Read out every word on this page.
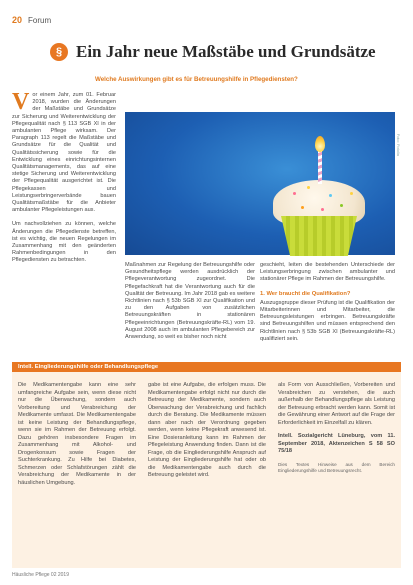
20 Forum
§ Ein Jahr neue Maßstäbe und Grundsätze
Welche Auswirkungen gibt es für Betreuungshilfe in Pflegediensten?

Vor einem Jahr, zum 01. Februar 2018, wurden die Änderungen der Maßstäbe und Grundsätze zur Sicherung und Weiterentwicklung der Pflegequalität nach § 113 SGB XI in der ambulanten Pflege wirksam. Der Paragraph 113 regelt die Maßstäbe und Grundsätze für die Qualität und Qualitätssicherung sowie für die Entwicklung eines einrichtungsinternen Qualitätsmanagements, das auf eine stetige Sicherung und Weiterentwicklung der Pflegequalität ausgerichtet ist. Die Pflegekassen und Leistungserbringerverbände bauen Qualitätsmaßstäbe für die Anbieter ambulanter Pflegeleistungen aus.

Um nachvollziehen zu können, welche Änderungen die Pflegedienste betreffen, ist es wichtig, die neuen Regelungen im Zusammenhang mit den geänderten Rahmenbedingungen in den Pflegediensten zu betrachten.

Foto: Fotolia

Maßnahmen zur Regelung der Betreuungshilfe oder Gesundheitspflege werden ausdrücklich der Pflegeverantwortung zugeordnet. Die Pflegefachkraft hat die Verantwortung auch für die Qualität der Betreuung. Im Jahr 2018 gab es weitere Richtlinien nach § 53b SGB XI zur Qualifikation und zu den Aufgaben von zusätzlichen Betreuungskräften in stationären Pflegeeinrichtungen (Betreuungskräfte-RL) vom 19. August 2008 auch im ambulanten Pflegebereich zur Anwendung, so weit es bisher noch nicht

geschieht, leiten die bestehenden Unterschiede der Leistungserbringung zwischen ambulanter und stationärer Pflege im Rahmen der Betreuungshilfe.

1. Wer braucht die Qualifikation?

Auszugsgruppe dieser Prüfung ist die Qualifikation der Mitarbeiterinnen und Mitarbeiter, die Betreuungsleistungen erbringen. Betreuungskräfte sind Betreuungshilfen und müssen entsprechend den Richtlinien nach § 53b SGB XI (Betreuungskräfte-RL) qualifiziert sein.

Intell. Eingliederungshilfe oder Behandlungspflege
Die Medikamentengabe kann eine sehr umfangreiche Aufgabe sein, wenn diese nicht nur die Überwachung, sondern auch Vorbereitung und Verabreichung der Medikamente umfasst. Die Medikamentengabe ist keine Leistung der Behandlungspflege, wenn sie im Rahmen der Betreuung erfolgt. Dazu gehören insbesondere Fragen im Zusammenhang mit Alkohol- und Drogenkonsum sowie Fragen der Suchterkrankung. Zu Hilfe bei Diabetes, Schmerzen oder Schlafstörungen zählt die Verabreichung der Medikamente in der häuslichen Umgebung.
gabe ist eine Aufgabe, die erfolgen muss. Die Medikamentengabe erfolgt nicht nur durch die Betreuung der Medikamente, sondern auch Überwachung der Verabreichung und fachlich durch die Beratung. Die Medikamente müssen dann aber nach der Verordnung gegeben werden, wenn keine Pflegekraft anwesend ist. Eine Dosieranleitung kann im Rahmen der Pflegeleistung Anwendung finden. Dann ist die Frage, ob die Eingliederungshilfe Anspruch auf Leistung der Eingliederungshilfe hat oder ob die Medikamentengabe auch durch die Betreuung geleistet wird.
als Form von Ausschließen, Vorbereiten und Verabreichen zu verstehen, die auch außerhalb der Behandlungspflege als Leistung der Betreuung erbracht werden kann. Somit ist die Gewährung einer Antwort auf die Frage der Erforderlichkeit im Einzelfall zu klären.
Intell. Sozialgericht Lüneburg, vom 11. September 2018, Aktenzeichen S 58 SO 75/18
Dies Textes Hinweise aus dem Bereich Eingliederungshilfe und Betreuungsrecht.
Häusliche Pflege 02 2019
